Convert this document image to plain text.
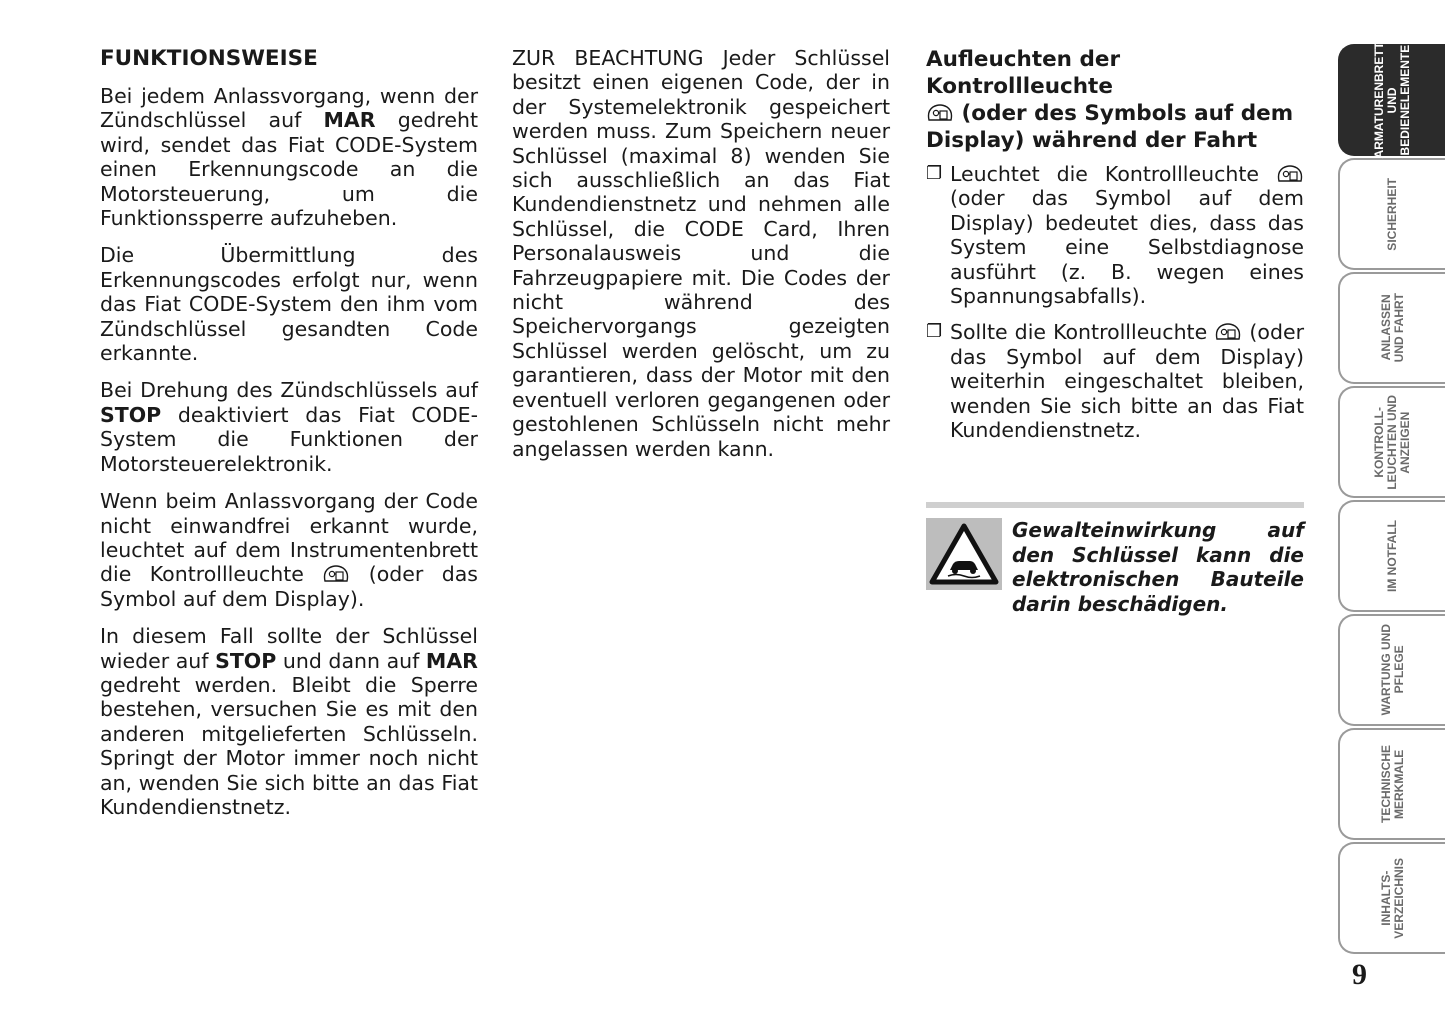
FUNKTIONSWEISE

Bei jedem Anlassvorgang, wenn der Zündschlüssel auf MAR gedreht wird, sendet das Fiat CODE-System einen Erkennungscode an die Motorsteuerung, um die Funktionssperre aufzuheben.

Die Übermittlung des Erkennungscodes erfolgt nur, wenn das Fiat CODE-System den ihm vom Zündschlüssel gesandten Code erkannte.

Bei Drehung des Zündschlüssels auf STOP deaktiviert das Fiat CODE-System die Funktionen der Motorsteuerelektronik.

Wenn beim Anlassvorgang der Code nicht einwandfrei erkannt wurde, leuchtet auf dem Instrumentenbrett die Kontrollleuchte  (oder das Symbol auf dem Display).

In diesem Fall sollte der Schlüssel wieder auf STOP und dann auf MAR gedreht werden. Bleibt die Sperre bestehen, versuchen Sie es mit den anderen mitgelieferten Schlüsseln. Springt der Motor immer noch nicht an, wenden Sie sich bitte an das Fiat Kundendienstnetz.

ZUR BEACHTUNG Jeder Schlüssel besitzt einen eigenen Code, der in der Systemelektronik gespeichert werden muss. Zum Speichern neuer Schlüssel (maximal 8) wenden Sie sich ausschließlich an das Fiat Kundendienstnetz und nehmen alle Schlüssel, die CODE Card, Ihren Personalausweis und die Fahrzeugpapiere mit. Die Codes der nicht während des Speichervorgangs gezeigten Schlüssel werden gelöscht, um zu garantieren, dass der Motor mit den eventuell verloren gegangenen oder gestohlenen Schlüsseln nicht mehr angelassen werden kann.

Aufleuchten der Kontrollleuchte
(oder des Symbols auf dem Display) während der Fahrt
❐ Leuchtet die Kontrollleuchte  (oder das Symbol auf dem Display) bedeutet dies, dass das System eine Selbstdiagnose ausführt (z. B. wegen eines Spannungsabfalls).
❐ Sollte die Kontrollleuchte  (oder das Symbol auf dem Display) weiterhin eingeschaltet bleiben, wenden Sie sich bitte an das Fiat Kundendienstnetz.
Gewalteinwirkung auf den Schlüssel kann die elektronischen Bauteile darin beschädigen.
ARMATURENBRETT
UND
BEDIENELEMENTE
SICHERHEIT
ANLASSEN
UND FAHRT
KONTROLL-
LEUCHTEN UND
ANZEIGEN
IM NOTFALL
WARTUNG UND
PFLEGE
TECHNISCHE
MERKMALE
INHALTS-
VERZEICHNIS
9
